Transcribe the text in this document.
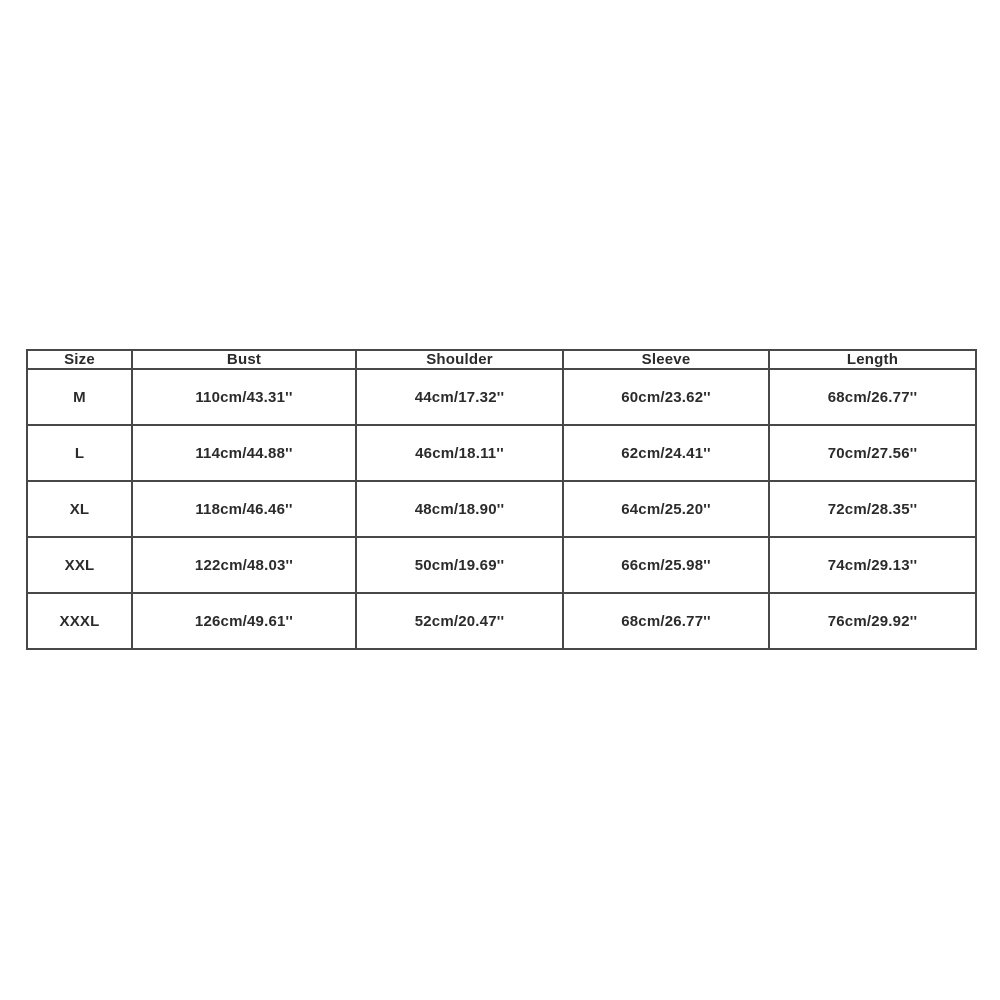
Size	Bust	Shoulder	Sleeve	Length
M	110cm/43.31''	44cm/17.32''	60cm/23.62''	68cm/26.77''
L	114cm/44.88''	46cm/18.11''	62cm/24.41''	70cm/27.56''
XL	118cm/46.46''	48cm/18.90''	64cm/25.20''	72cm/28.35''
XXL	122cm/48.03''	50cm/19.69''	66cm/25.98''	74cm/29.13''
XXXL	126cm/49.61''	52cm/20.47''	68cm/26.77''	76cm/29.92''
